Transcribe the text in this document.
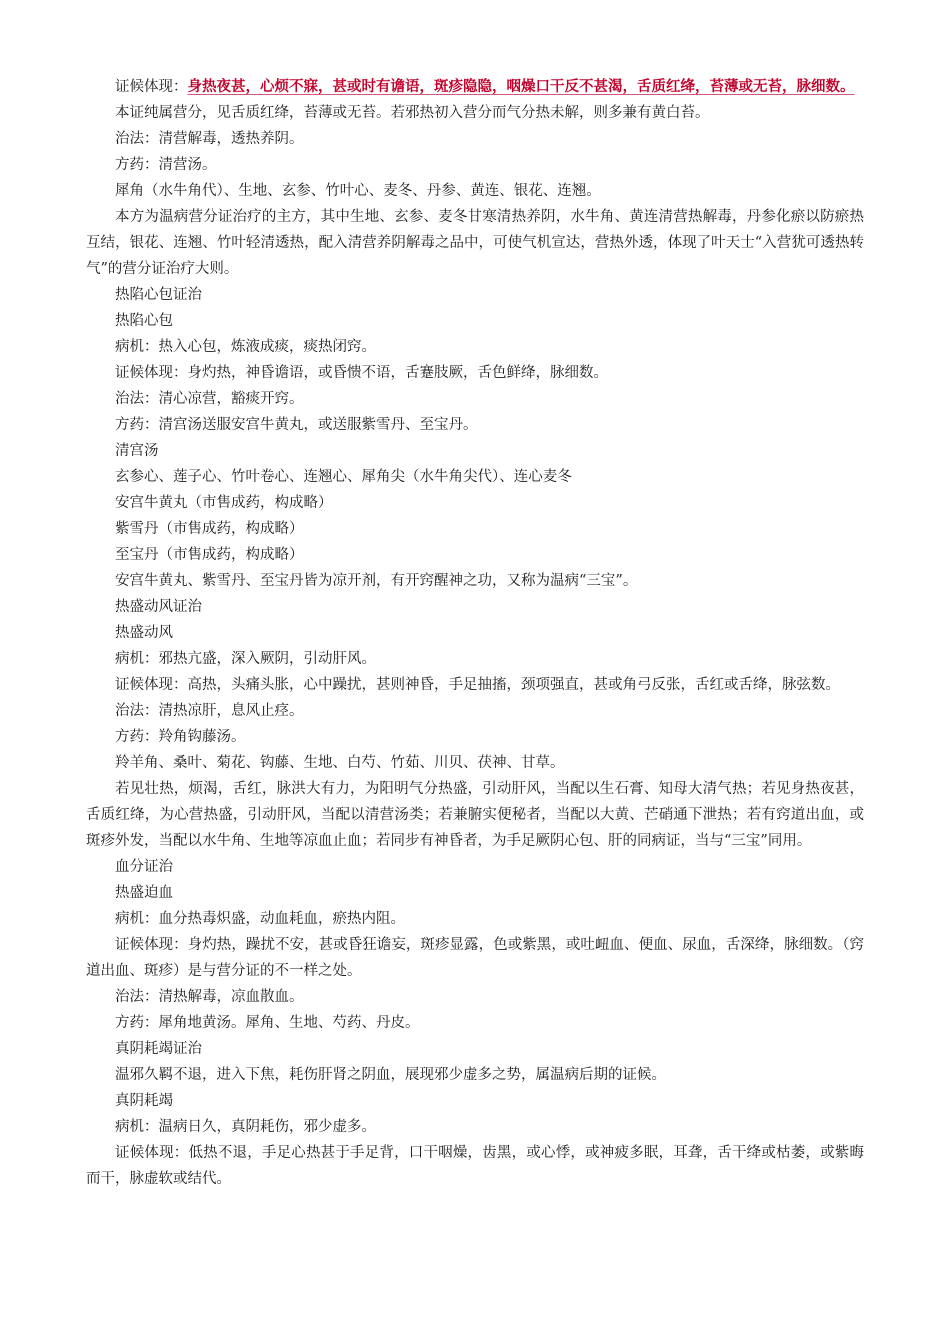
证候体现：身热夜甚，心烦不寐，甚或时有谵语，斑疹隐隐，咽燥口干反不甚渴，舌质红绛，苔薄或无苔，脉细数。

本证纯属营分，见舌质红绛，苔薄或无苔。若邪热初入营分而气分热未解，则多兼有黄白苔。

治法：清营解毒，透热养阴。

方药：清营汤。

犀角（水牛角代）、生地、玄参、竹叶心、麦冬、丹参、黄连、银花、连翘。

本方为温病营分证治疗的主方，其中生地、玄参、麦冬甘寒清热养阴，水牛角、黄连清营热解毒，丹参化瘀以防瘀热互结，银花、连翘、竹叶轻清透热，配入清营养阴解毒之品中，可使气机宣达，营热外透，体现了叶天士“入营犹可透热转气”的营分证治疗大则。

热陷心包证治

热陷心包

病机：热入心包，炼液成痰，痰热闭窍。

证候体现：身灼热，神昏谵语，或昏愦不语，舌蹇肢厥，舌色鲜绛，脉细数。

治法：清心凉营，豁痰开窍。

方药：清宫汤送服安宫牛黄丸，或送服紫雪丹、至宝丹。

清宫汤

玄参心、莲子心、竹叶卷心、连翘心、犀角尖（水牛角尖代）、连心麦冬

安宫牛黄丸（市售成药，构成略）

紫雪丹（市售成药，构成略）

至宝丹（市售成药，构成略）

安宫牛黄丸、紫雪丹、至宝丹皆为凉开剂，有开窍醒神之功，又称为温病“三宝”。

热盛动风证治

热盛动风

病机：邪热亢盛，深入厥阴，引动肝风。

证候体现：高热，头痛头胀，心中躁扰，甚则神昏，手足抽搐，颈项强直，甚或角弓反张，舌红或舌绛，脉弦数。

治法：清热凉肝，息风止痉。

方药：羚角钩藤汤。

羚羊角、桑叶、菊花、钩藤、生地、白芍、竹茹、川贝、茯神、甘草。

若见壮热，烦渴，舌红，脉洪大有力，为阳明气分热盛，引动肝风，当配以生石膏、知母大清气热；若见身热夜甚，舌质红绛，为心营热盛，引动肝风，当配以清营汤类；若兼腑实便秘者，当配以大黄、芒硝通下泄热；若有窍道出血，或斑疹外发，当配以水牛角、生地等凉血止血；若同步有神昏者，为手足厥阴心包、肝的同病证，当与“三宝”同用。

血分证治

热盛迫血

病机：血分热毒炽盛，动血耗血，瘀热内阻。

证候体现：身灼热，躁扰不安，甚或昏狂谵妄，斑疹显露，色或紫黑，或吐衄血、便血、尿血，舌深绛，脉细数。（窍道出血、斑疹）是与营分证的不一样之处。

治法：清热解毒，凉血散血。

方药：犀角地黄汤。犀角、生地、芍药、丹皮。

真阴耗竭证治

温邪久羁不退，进入下焦，耗伤肝肾之阴血，展现邪少虚多之势，属温病后期的证候。

真阴耗竭

病机：温病日久，真阴耗伤，邪少虚多。

证候体现：低热不退，手足心热甚于手足背，口干咽燥，齿黑，或心悸，或神疲多眠，耳聋，舌干绛或枯萎，或紫晦而干，脉虚软或结代。
